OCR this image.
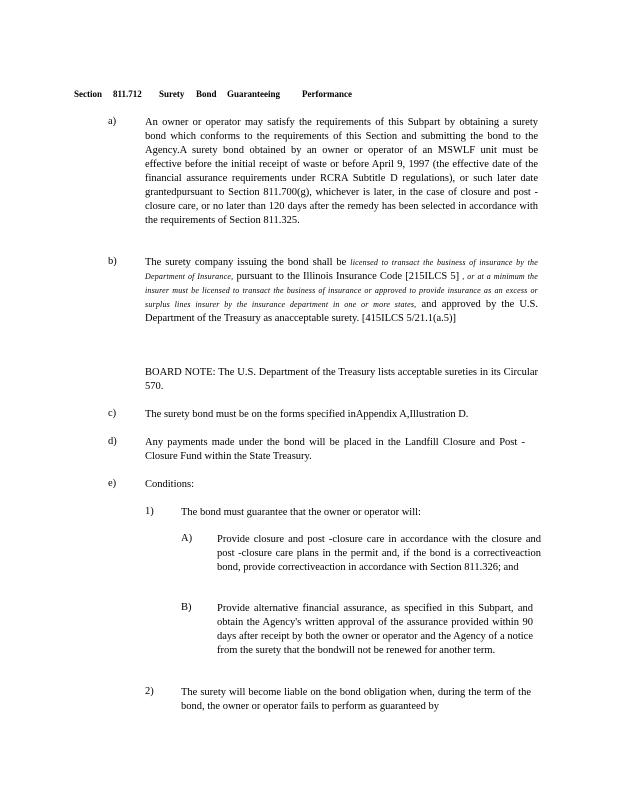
Section	811.712	Surety	Bond	Guaranteeing	Performance
a)	An owner or operator may satisfy the requirements of this Subpart by obtaining a surety bond which conforms to the requirements of this Section and submitting the bond to the Agency.A surety bond obtained by an owner or operator of an MSWLF unit must be effective before the initial receipt of waste or before April 9, 1997 (the effective date of the financial assurance requirements under RCRA Subtitle D regulations), or such later date grantedpursuant to Section 811.700(g), whichever is later, in the case of closure and post -closure care, or no later than 120 days after the remedy has been selected in accordance with the requirements of Section 811.325.
b)	The surety company issuing the bond shall be licensed to transact the business of insurance by the Department of Insurance, pursuant to the Illinois Insurance Code [215ILCS 5] , or at a minimum the insurer must be licensed to transact the business of insurance or approved to provide insurance as an excess or surplus lines insurer by the insurance department in one or more states, and approved by the U.S. Department of the Treasury as anacceptable surety. [415ILCS 5/21.1(a.5)]
BOARD NOTE: The U.S. Department of the Treasury lists acceptable sureties in its Circular 570.
c)	The surety bond must be on the forms specified inAppendix A,Illustration D.
d)	Any payments made under the bond will be placed in the Landfill Closure and Post -Closure Fund within the State Treasury.
e)	Conditions:
1)	The bond must guarantee that the owner or operator will:
A) Provide closure and post -closure care in accordance with the closure and post -closure care plans in the permit and, if the bond is a correctiveaction bond, provide correctiveaction in accordance with Section 811.326; and
B) Provide alternative financial assurance, as specified in this Subpart, and obtain the Agency's written approval of the assurance provided within 90 days after receipt by both the owner or operator and the Agency of a notice from the surety that the bondwill not be renewed for another term.
2)	The surety will become liable on the bond obligation when, during the term of the bond, the owner or operator fails to perform as guaranteed by
